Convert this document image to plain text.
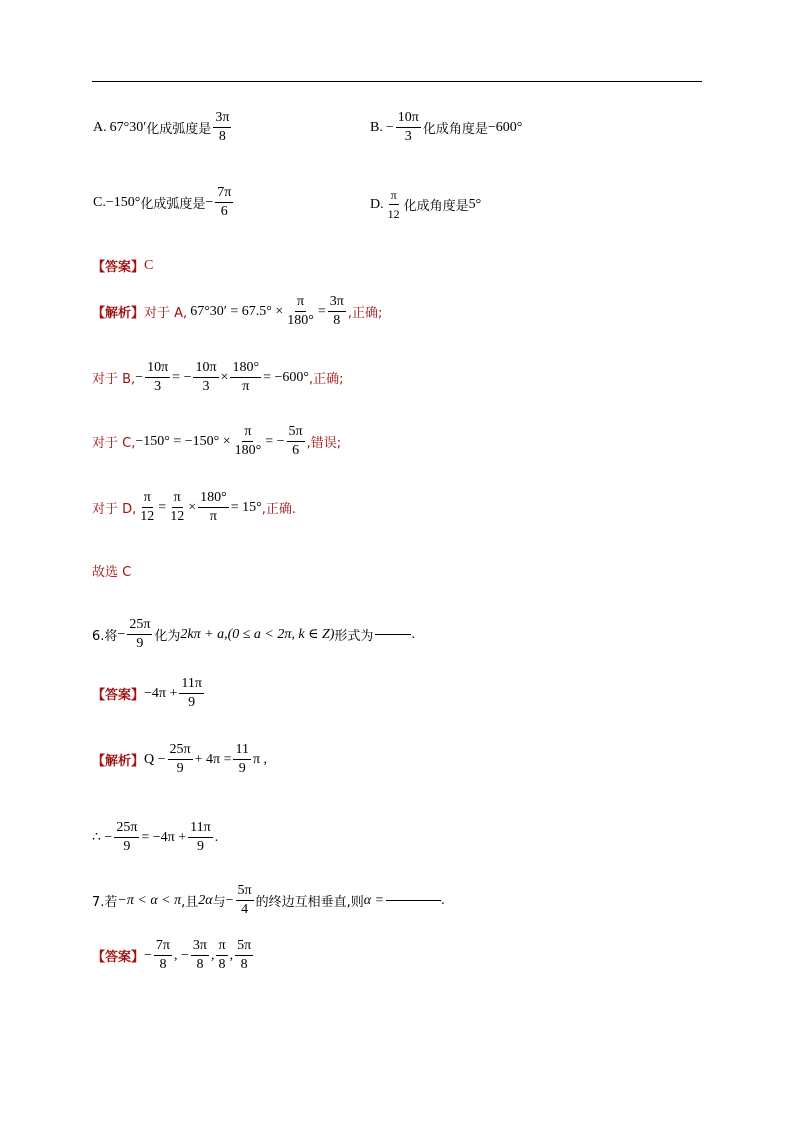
A. 67°30′ 化成弧度是 $\frac{3\pi}{8}$	B. − $\frac{10\pi}{3}$ 化成角度是 −600°
C. −150° 化成弧度是 − $\frac{7\pi}{6}$	D. $\frac{\pi}{12}$ 化成角度是 5°
【答案】 C
【解析】 对于 A, $67^\circ 30' = 67.5^\circ \times \frac{\pi}{180^\circ} = \frac{3\pi}{8}$ ,正确;
对于 B, − $\frac{10\pi}{3}$ = − $\frac{10\pi}{3} \times \frac{180^\circ}{\pi} = -600^\circ$ ,正确;
对于 C, $-150^\circ = -150^\circ \times \frac{\pi}{180^\circ}$ = − $\frac{5\pi}{6}$ ,错误;
对于 D, $\frac{\pi}{12} = \frac{\pi}{12} \times \frac{180^\circ}{\pi} = 15^\circ$ ,正确.
故选 C
6.将 − $\frac{25\pi}{9}$ 化为 2kπ + a,(0 ≤ a < 2π, k ∈ Z) 形式为	.
【答案】 $-4\pi + \frac{11\pi}{9}$
【解析】 $Q - \frac{25\pi}{9} + 4\pi = \frac{11}{9}$ π ,
∴ − $\frac{25\pi}{9} = -4\pi + \frac{11\pi}{9}$ .
7.若 −π < α < π ,且 2α 与 − $\frac{5\pi}{4}$ 的终边互相垂直,则 α =	.
【答案】 − $\frac{7\pi}{8}$ , − $\frac{3\pi}{8}$ , $\frac{\pi}{8}$ , $\frac{5\pi}{8}$
